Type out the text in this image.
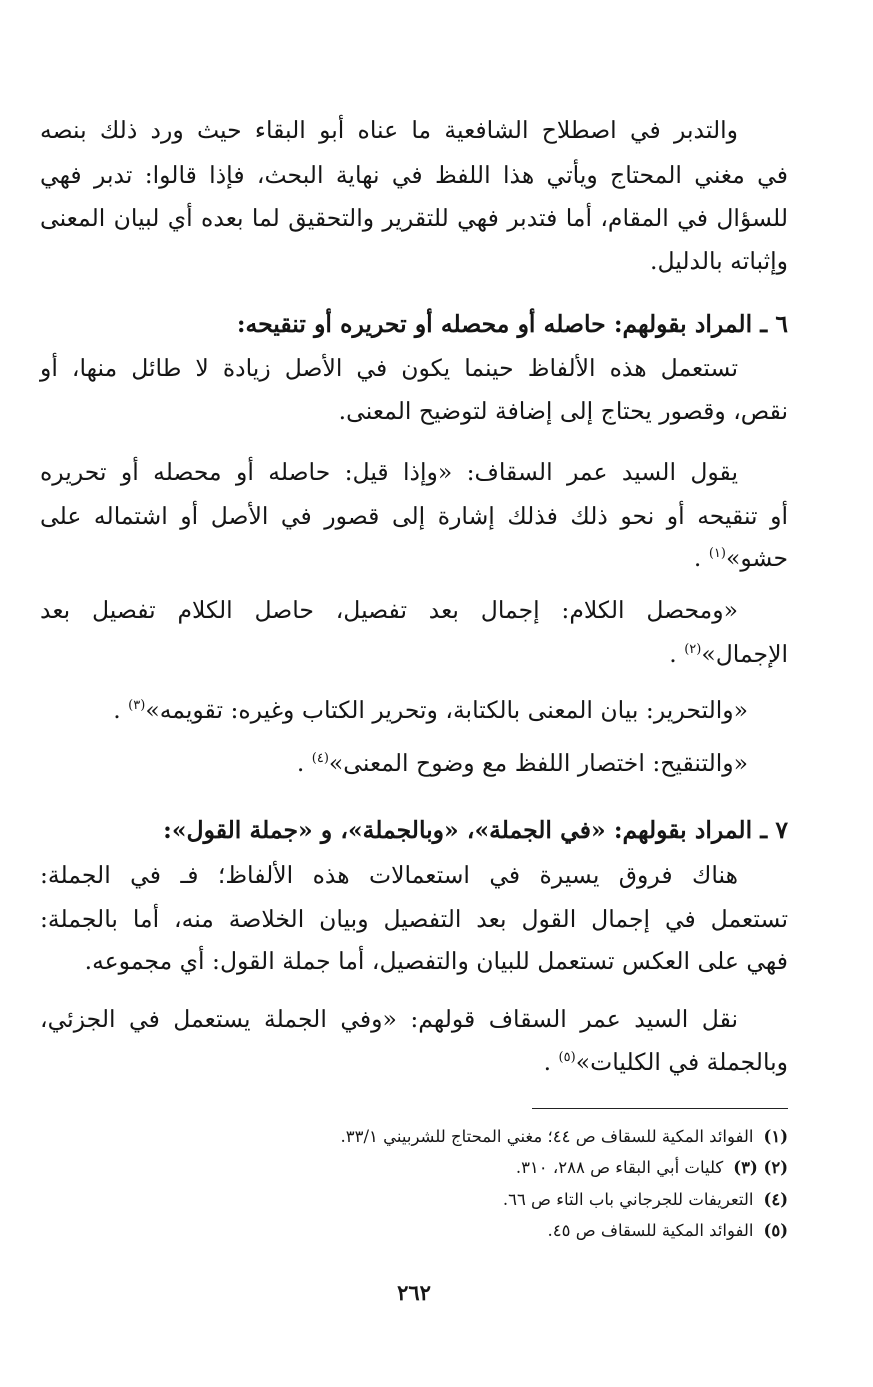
والتدبر في اصطلاح الشافعية ما عناه أبو البقاء حيث ورد ذلك بنصه
في مغني المحتاج ويأتي هذا اللفظ في نهاية البحث، فإذا قالوا: تدبر فهي
للسؤال في المقام، أما فتدبر فهي للتقرير والتحقيق لما بعده أي لبيان المعنى
وإثباته بالدليل.
٦ ـ المراد بقولهم: حاصله أو محصله أو تحريره أو تنقيحه:
تستعمل هذه الألفاظ حينما يكون في الأصل زيادة لا طائل منها، أو
نقص، وقصور يحتاج إلى إضافة لتوضيح المعنى.
يقول السيد عمر السقاف: «وإذا قيل: حاصله أو محصله أو تحريره
أو تنقيحه أو نحو ذلك فذلك إشارة إلى قصور في الأصل أو اشتماله على
حشو»$^{(١)}$ .
«ومحصل الكلام: إجمال بعد تفصيل، حاصل الكلام تفصيل بعد
الإجمال»$^{(٢)}$ .
«والتحرير: بيان المعنى بالكتابة، وتحرير الكتاب وغيره: تقويمه»$^{(٣)}$ .
«والتنقيح: اختصار اللفظ مع وضوح المعنى»$^{(٤)}$ .
٧ ـ المراد بقولهم: «في الجملة»، «وبالجملة»، و «جملة القول»:
هناك فروق يسيرة في استعمالات هذه الألفاظ؛ فـ في الجملة:
تستعمل في إجمال القول بعد التفصيل وبيان الخلاصة منه، أما بالجملة:
فهي على العكس تستعمل للبيان والتفصيل، أما جملة القول: أي مجموعه.
نقل السيد عمر السقاف قولهم: «وفي الجملة يستعمل في الجزئي،
وبالجملة في الكليات»$^{(٥)}$ .
(١)الفوائد المكية للسقاف ص ٤٤؛ مغني المحتاج للشربيني ٣٣/١.
(٢) (٣)كليات أبي البقاء ص ٢٨٨، ٣١٠.
(٤)التعريفات للجرجاني باب التاء ص ٦٦.
(٥)الفوائد المكية للسقاف ص ٤٥.
٢٦٢
